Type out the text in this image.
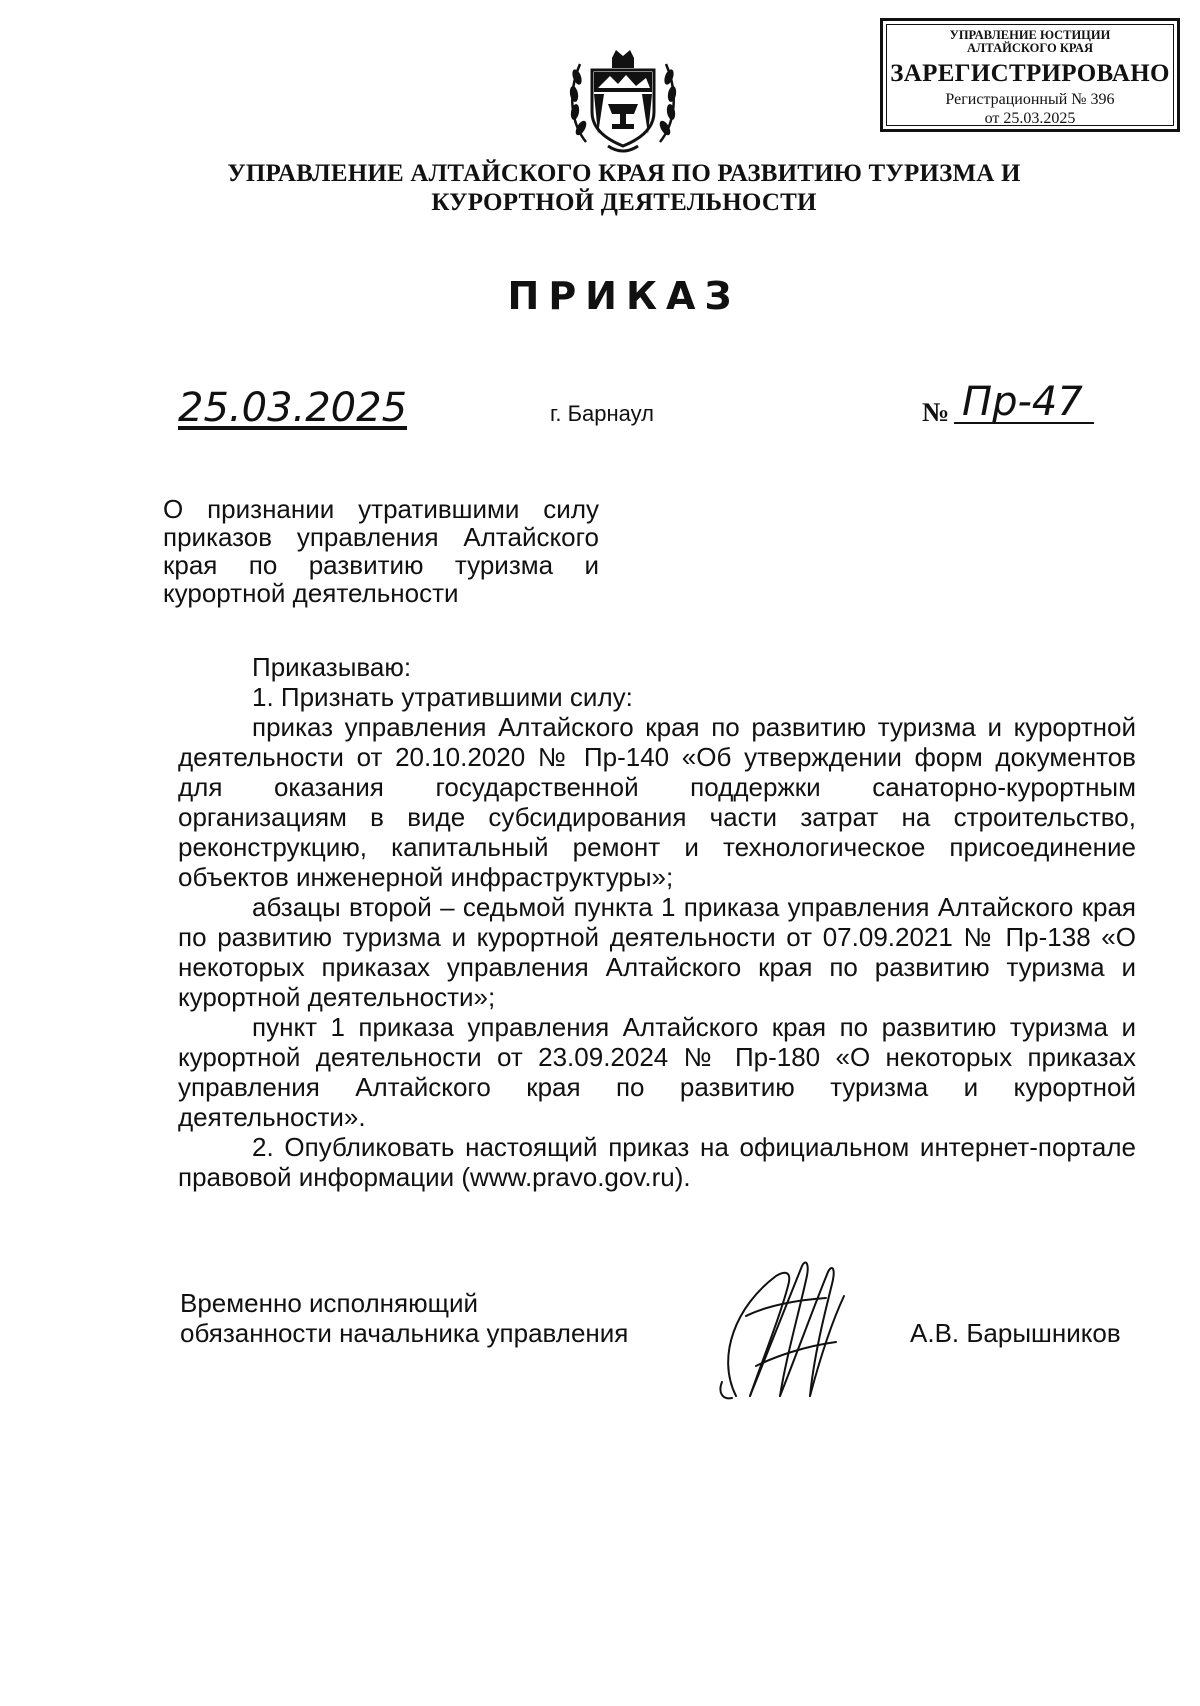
УПРАВЛЕНИЕ ЮСТИЦИИ
АЛТАЙСКОГО КРАЯ
ЗАРЕГИСТРИРОВАНО
Регистрационный № 396
от 25.03.2025
УПРАВЛЕНИЕ АЛТАЙСКОГО КРАЯ ПО РАЗВИТИЮ ТУРИЗМА И
КУРОРТНОЙ ДЕЯТЕЛЬНОСТИ
ПРИКАЗ
25.03.2025	г. Барнаул	№ Пр-47
О признании утратившими силу
приказов управления Алтайского
края по развитию туризма и
курортной деятельности
Приказываю:
1. Признать утратившими силу:
приказ управления Алтайского края по развитию туризма и курортной
деятельности от 20.10.2020 № Пр-140 «Об утверждении форм документов
для оказания государственной поддержки санаторно-курортным
организациям в виде субсидирования части затрат на строительство,
реконструкцию, капитальный ремонт и технологическое присоединение
объектов инженерной инфраструктуры»;
абзацы второй – седьмой пункта 1 приказа управления Алтайского края
по развитию туризма и курортной деятельности от 07.09.2021 № Пр-138 «О
некоторых приказах управления Алтайского края по развитию туризма и
курортной деятельности»;
пункт 1 приказа управления Алтайского края по развитию туризма и
курортной деятельности от 23.09.2024 № Пр-180 «О некоторых приказах
управления Алтайского края по развитию туризма и курортной
деятельности».
2. Опубликовать настоящий приказ на официальном интернет-портале
правовой информации (www.pravo.gov.ru).
Временно исполняющий
обязанности начальника управления	А.В. Барышников
